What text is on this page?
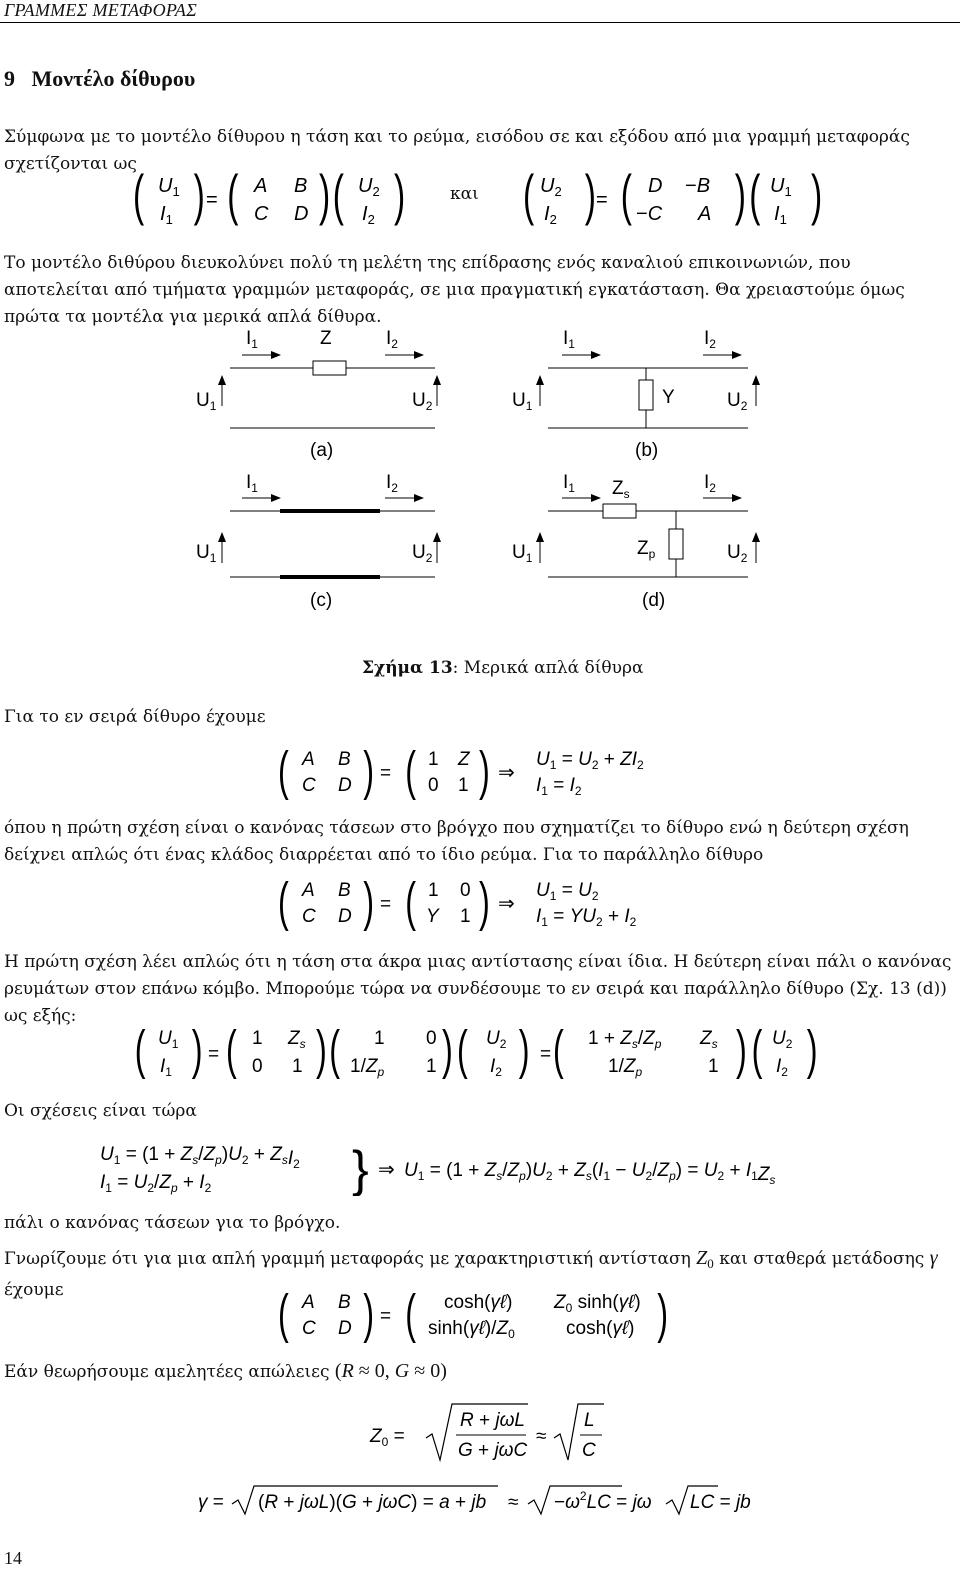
ΓΡΑΜΜΕΣ ΜΕΤΑΦΟΡΑΣ
9 Μοντέλο δίθυρου
Σύμφωνα με το μοντέλο δίθυρου η τάση και το ρεύμα, εισόδου σε και εξόδου από μια γραμμή μεταφοράς σχετίζονται ως
( $U_1$
$I_1$ ) = ( A B
C D ) ( $U_2$
$I_2$ ) ( $U_2$
$I_2$ ) = ( D −B
−C A ) ( $U_1$
$I_1$ )
και
Το μοντέλο διθύρου διευκολύνει πολύ τη μελέτη της επίδρασης ενός καναλιού επικοινωνιών, που αποτελείται από τμήματα γραμμών μεταφοράς, σε μια πραγματική εγκατάσταση. Θα χρειαστούμε όμως πρώτα τα μοντέλα για μερικά απλά δίθυρα.
$I_1$	Z	$I_2$
$U_1$	$U_2$
(a)
$I_1$	$I_2$
$U_1$	Y	$U_2$
(b)
$I_1$	$I_2$
$U_1$	$U_2$
(c)
$I_1$ $Z_s$
$I_2$
$U_1$	$Z_p$	$U_2$
(d)
Σχήμα 13: Μερικά απλά δίθυρα
Για το εν σειρά δίθυρο έχουμε
( A B
C D ) = ( 1 Z
0 1 ) ⇒
$U_1 = U_2 + ZI_2$
$I_1 = I_2$
όπου η πρώτη σχέση είναι ο κανόνας τάσεων στο βρόγχο που σχηματίζει το δίθυρο ενώ η δεύτερη σχέση δείχνει απλώς ότι ένας κλάδος διαρρέεται από το ίδιο ρεύμα. Για το παράλληλο δίθυρο
( A B
C D ) = ( 1 0
Y 1 ) ⇒
$U_1 = U_2$
$I_1 = YU_2 + I_2$
Η πρώτη σχέση λέει απλώς ότι η τάση στα άκρα μιας αντίστασης είναι ίδια. Η δεύτερη είναι πάλι ο κανόνας ρευμάτων στον επάνω κόμβο. Μπορούμε τώρα να συνδέσουμε το εν σειρά και παράλληλο δίθυρο (Σχ. 13 (d)) ως εξής:
( $U_1$
$I_1$ ) = ( 1 $Z_s$
0 1 ) ( 1 0
$1/Z_p$ 1 ) ( $U_2$
$I_2$ ) = ( $1 + Z_s/Z_p$ $Z_s$
$1/Z_p$	1 ) ( $U_2$
$I_2$ )
Οι σχέσεις είναι τώρα
$U_1 = (1 + Z_s/Z_p)U_2 + Z_sI_2$
$I_1 = U_2/Z_p + I_2$	} ⇒ $U_1 = (1 + Z_s/Z_p)U_2 + Z_s(I_1 - U_2/Z_p) = U_2 + I_1Z_s$
πάλι ο κανόνας τάσεων για το βρόγχο.
Γνωρίζουμε ότι για μια απλή γραμμή μεταφοράς με χαρακτηριστική αντίσταση $Z_0$ και σταθερά μετάδοσης γ έχουμε	( A B
C D ) = ( cosh(γℓ) $Z_0$ sinh(γℓ)
$\sinh(\gamma\ell)/Z_0$	cosh(γℓ) )
Εάν θεωρήσουμε αμελητέες απώλειες (R ≈ 0, G ≈ 0)
$Z_0$ =
R + jωL
G + jωC
≈
L
C
γ = (R + jωL)(G + jωC) = a + jb ≈ $-\omega^2LC = j\omega$ LC = jb
14
